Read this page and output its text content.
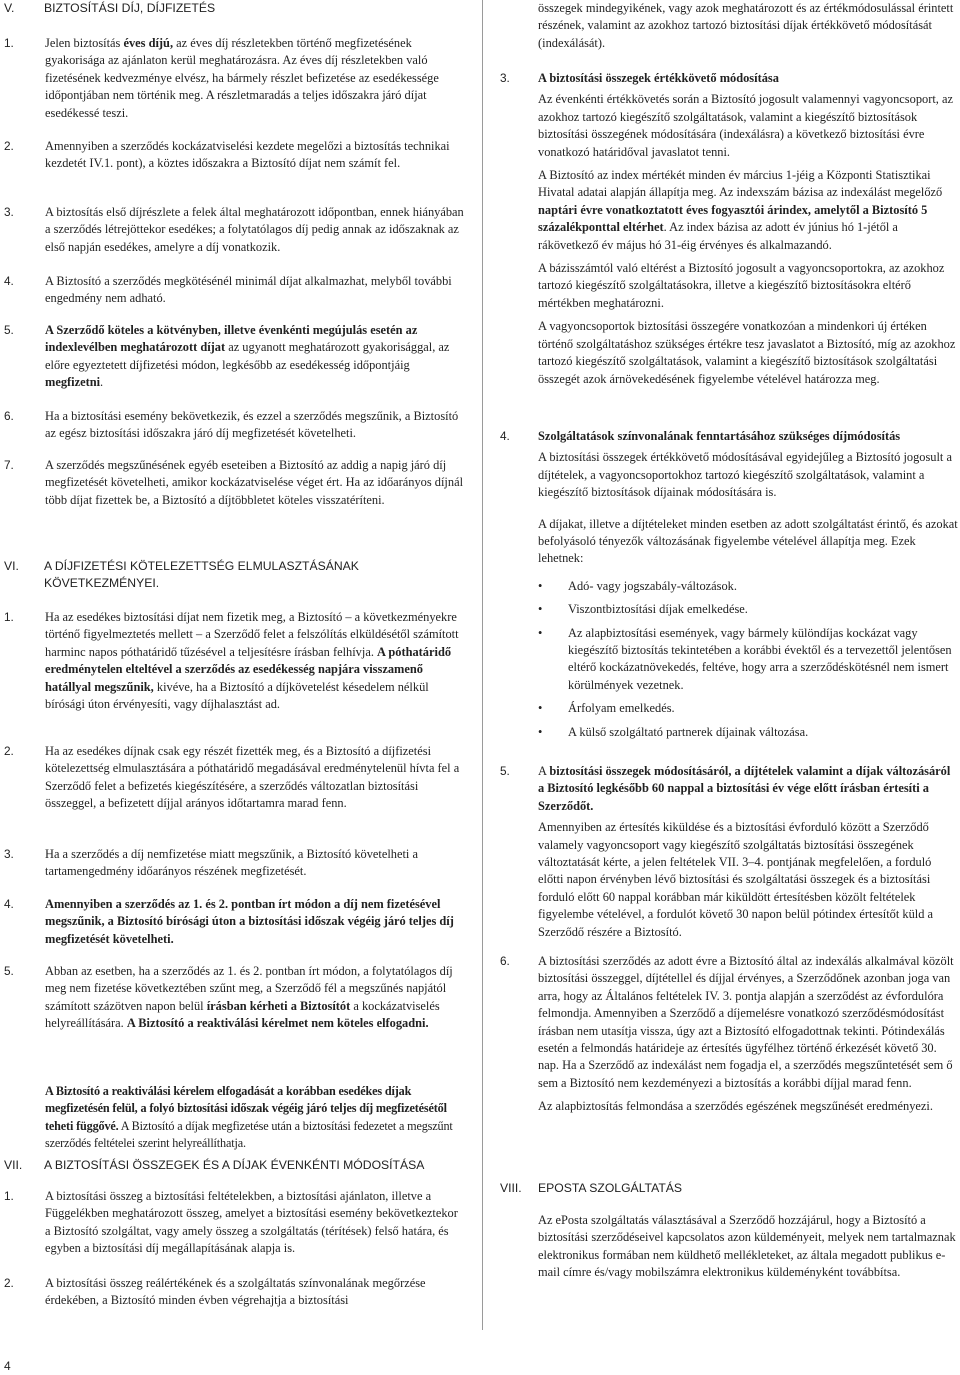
V. BIZTOSÍTÁSI DÍJ, DÍJFIZETÉS
1.	Jelen biztosítás éves díjú, az éves díj részletekben történő megfizetésének gyakorisága az ajánlaton kerül meghatározásra. Az éves díj részletekben való fizetésének kedvezménye elvész, ha bármely részlet befizetése az esedékessége időpontjában nem történik meg. A részletmaradás a teljes időszakra járó díjat esedékessé teszi.

2.	Amennyiben a szerződés kockázatviselési kezdete megelőzi a biztosítás technikai kezdetét IV.1. pont), a köztes időszakra a Biztosító díjat nem számít fel.

3.	A biztosítás első díjrészlete a felek által meghatározott időpontban, ennek hiányában a szerződés létrejöttekor esedékes; a folytatólagos díj pedig annak az időszaknak az első napján esedékes, amelyre a díj vonatkozik.

4.	A Biztosító a szerződés megkötésénél minimál díjat alkalmazhat, melyből további engedmény nem adható.

5.	A Szerződő köteles a kötvényben, illetve évenkénti megújulás esetén az indexlevélben meghatározott díjat az ugyanott meghatározott gyakorisággal, az előre egyeztetett díjfizetési módon, legkésőbb az esedékesség időpontjáig megfizetni.

6.	Ha a biztosítási esemény bekövetkezik, és ezzel a szerződés megszűnik, a Biztosító az egész biztosítási időszakra járó díj megfizetését követelheti.

7.	A szerződés megszűnésének egyéb eseteiben a Biztosító az addig a napig járó díj megfizetését követelheti, amikor kockázatviselése véget ért. Ha az időarányos díjnál több díjat fizettek be, a Biztosító a díjtöbbletet köteles visszatéríteni.

VI. A DÍJFIZETÉSI KÖTELEZETTSÉG ELMULASZTÁSÁNAK KÖVETKEZMÉNYEI.
1.	Ha az esedékes biztosítási díjat nem fizetik meg, a Biztosító – a következményekre történő figyelmeztetés mellett – a Szerződő felet a felszólítás elküldésétől számított harminc napos póthatáridő tűzésével a teljesítésre írásban felhívja. A póthatáridő eredménytelen elteltével a szerződés az esedékesség napjára visszamenő hatállyal megszűnik, kivéve, ha a Biztosító a díjkövetelést késedelem nélkül bírósági úton érvényesíti, vagy díjhalasztást ad.

2.	Ha az esedékes díjnak csak egy részét fizették meg, és a Biztosító a díjfizetési kötelezettség elmulasztására a póthatáridő megadásával eredménytelenül hívta fel a Szerződő felet a befizetés kiegészítésére, a szerződés változatlan biztosítási összeggel, a befizetett díjjal arányos időtartamra marad fenn.

3.	Ha a szerződés a díj nemfizetése miatt megszűnik, a Biztosító követelheti a tartamengedmény időarányos részének megfizetését.

4.	Amennyiben a szerződés az 1. és 2. pontban írt módon a díj nem fizetésével megszűnik, a Biztosító bírósági úton a biztosítási időszak végéig járó teljes díj megfizetését követelheti.

5.	Abban az esetben, ha a szerződés az 1. és 2. pontban írt módon, a folytatólagos díj meg nem fizetése következtében szűnt meg, a Szerződő fél a megszűnés napjától számított százötven napon belül írásban kérheti a Biztosítót a kockázatviselés helyreállítására. A Biztosító a reaktiválási kérelmet nem köteles elfogadni.

A Biztosító a reaktiválási kérelem elfogadását a korábban esedékes díjak megfizetésén felül, a folyó biztosítási időszak végéig járó teljes díj megfizetésétől teheti függővé. A Biztosító a díjak megfizetése után a biztosítási fedezetet a megszűnt szerződés feltételei szerint helyreállíthatja.

VII. A BIZTOSÍTÁSI ÖSSZEGEK ÉS A DÍJAK ÉVENKÉNTI MÓDOSÍTÁSA
1.	A biztosítási összeg a biztosítási feltételekben, a biztosítási ajánlaton, illetve a Függelékben meghatározott összeg, amelyet a biztosítási esemény bekövetkeztekor a Biztosító szolgáltat, vagy amely összeg a szolgáltatás (térítések) felső határa, és egyben a biztosítási díj megállapításának alapja is.

2.	A biztosítási összeg reálértékének és a szolgáltatás színvonalának megőrzése érdekében, a Biztosító minden évben végrehajtja a biztosítási

összegek mindegyikének, vagy azok meghatározott és az értékmódosulással érintett részének, valamint az azokhoz tartozó biztosítási díjak értékkövető módosítását (indexálását).

3. A biztosítási összegek értékkövető módosítása

Az évenkénti értékkövetés során a Biztosító jogosult valamennyi vagyoncsoport, az azokhoz tartozó kiegészítő szolgáltatások, valamint a kiegészítő biztosítások biztosítási összegének módosítására (indexálásra) a következő biztosítási évre vonatkozó határidőval javaslatot tenni.

A Biztosító az index mértékét minden év március 1-jéig a Központi Statisztikai Hivatal adatai alapján állapítja meg. Az indexszám bázisa az indexálást megelőző naptári évre vonatkoztatott éves fogyasztói árindex, amelytől a Biztosító 5 százalékponttal eltérhet. Az index bázisa az adott év június hó 1-jétől a rákövetkező év május hó 31-éig érvényes és alkalmazandó.

A bázisszámtól való eltérést a Biztosító jogosult a vagyoncsoportokra, az azokhoz tartozó kiegészítő szolgáltatásokra, illetve a kiegészítő biztosításokra eltérő mértékben meghatározni.

A vagyoncsoportok biztosítási összegére vonatkozóan a mindenkori új értéken történő szolgáltatáshoz szükséges értékre tesz javaslatot a Biztosító, míg az azokhoz tartozó kiegészítő szolgáltatások, valamint a kiegészítő biztosítások szolgáltatási összegét azok árnövekedésének figyelembe vételével határozza meg.

4. Szolgáltatások színvonalának fenntartásához szükséges díjmódosítás

A biztosítási összegek értékkövető módosításával egyidejűleg a Biztosító jogosult a díjtételek, a vagyoncsoportokhoz tartozó kiegészítő szolgáltatások, valamint a kiegészítő biztosítások díjainak módosítására is.

A díjakat, illetve a díjtételeket minden esetben az adott szolgáltatást érintő, és azokat befolyásoló tényezők változásának figyelembe vételével állapítja meg. Ezek lehetnek:

• Adó- vagy jogszabály-változások.
• Viszontbiztosítási díjak emelkedése.
• Az alapbiztosítási események, vagy bármely különdíjas kockázat vagy kiegészítő biztosítás tekintetében a korábbi évektől és a tervezettől jelentősen eltérő kockázatnövekedés, feltéve, hogy arra a szerződéskötésnél nem ismert körülmények vezetnek.
• Árfolyam emelkedés.
• A külső szolgáltató partnerek díjainak változása.
5. A biztosítási összegek módosításáról, a díjtételek valamint a díjak változásáról a Biztosító legkésőbb 60 nappal a biztosítási év vége előtt írásban értesíti a Szerződőt.

Amennyiben az értesítés kiküldése és a biztosítási évforduló között a Szerződő valamely vagyoncsoport vagy kiegészítő szolgáltatás biztosítási összegének változtatását kérte, a jelen feltételek VII. 3–4. pontjának megfelelően, a forduló előtti napon érvényben lévő biztosítási és szolgáltatási összegek és a biztosítási forduló előtt 60 nappal korábban már kiküldött értesítésben közölt feltételek figyelembe vételével, a fordulót követő 30 napon belül pótindex értesítőt küld a Szerződő részére a Biztosító.

6. A biztosítási szerződés az adott évre a Biztosító által az indexálás alkalmával közölt biztosítási összeggel, díjtétellel és díjjal érvényes, a Szerződőnek azonban joga van arra, hogy az Általános feltételek IV. 3. pontja alapján a szerződést az évfordulóra felmondja. Amennyiben a Szerződő a díjemelésre vonatkozó szerződésmódosítást írásban nem utasítja vissza, úgy azt a Biztosító elfogadottnak tekinti. Pótindexálás esetén a felmondás határideje az értesítés ügyfélhez történő érkezését követő 30. nap. Ha a Szerződő az indexálást nem fogadja el, a szerződés megszűntetését sem ő sem a Biztosító nem kezdeményezi a biztosítás a korábbi díjjal marad fenn.

Az alapbiztosítás felmondása a szerződés egészének megszűnését eredményezi.

VIII. EPOSTA SZOLGÁLTATÁS

Az ePosta szolgáltatás választásával a Szerződő hozzájárul, hogy a Biztosító a biztosítási szerződéseivel kapcsolatos azon küldeményeit, melyek nem tartalmaznak elektronikus formában nem küldhető mellékleteket, az általa megadott publikus e-mail címre és/vagy mobilszámra elektronikus küldeményként továbbítsa.

4
